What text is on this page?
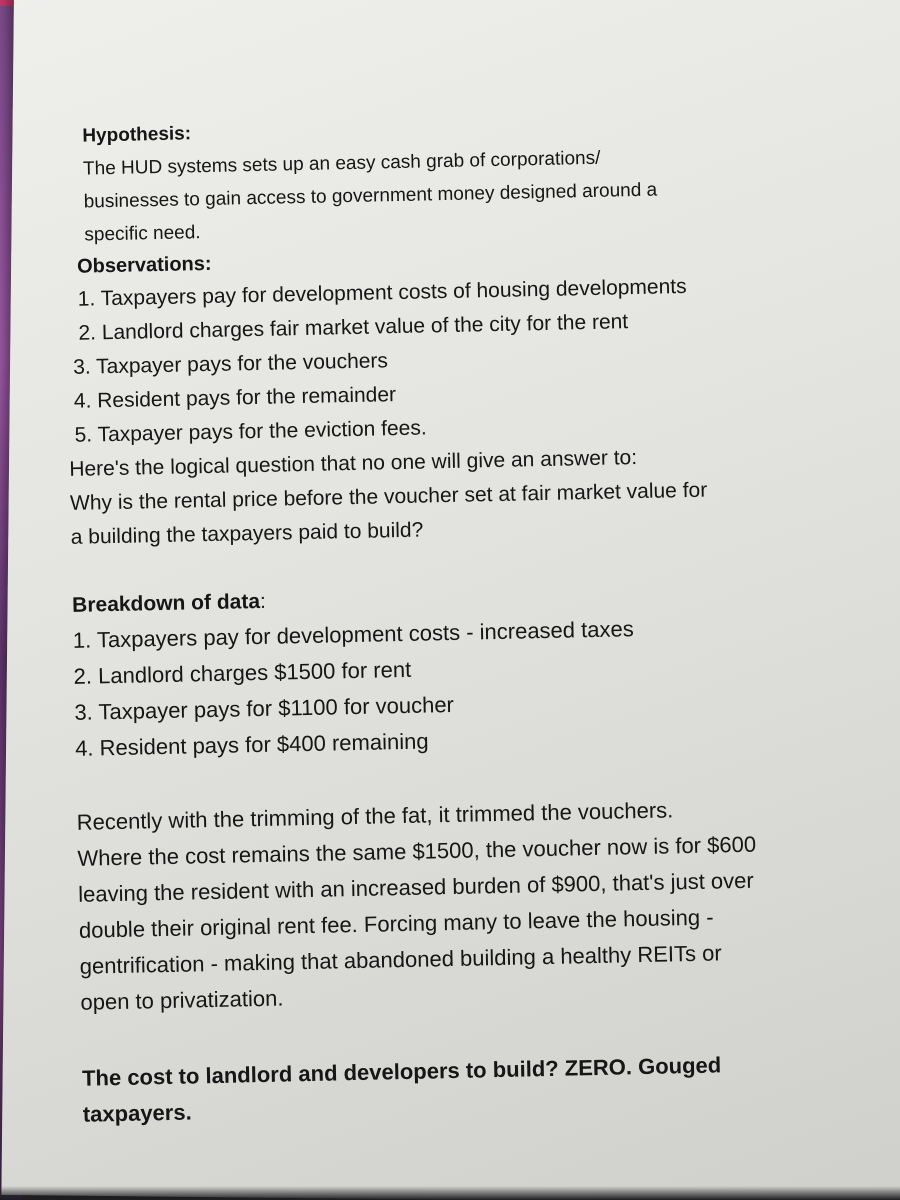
Hypothesis:
The HUD systems sets up an easy cash grab of corporations/
businesses to gain access to government money designed around a
specific need.
Observations:
1. Taxpayers pay for development costs of housing developments
2. Landlord charges fair market value of the city for the rent
3. Taxpayer pays for the vouchers
4. Resident pays for the remainder
5. Taxpayer pays for the eviction fees.
Here's the logical question that no one will give an answer to:
Why is the rental price before the voucher set at fair market value for
a building the taxpayers paid to build?
Breakdown of data:
1. Taxpayers pay for development costs - increased taxes
2. Landlord charges $1500 for rent
3. Taxpayer pays for $1100 for voucher
4. Resident pays for $400 remaining
Recently with the trimming of the fat, it trimmed the vouchers.
Where the cost remains the same $1500, the voucher now is for $600
leaving the resident with an increased burden of $900, that's just over
double their original rent fee. Forcing many to leave the housing -
gentrification - making that abandoned building a healthy REITs or
open to privatization.
The cost to landlord and developers to build? ZERO. Gouged
taxpayers.
